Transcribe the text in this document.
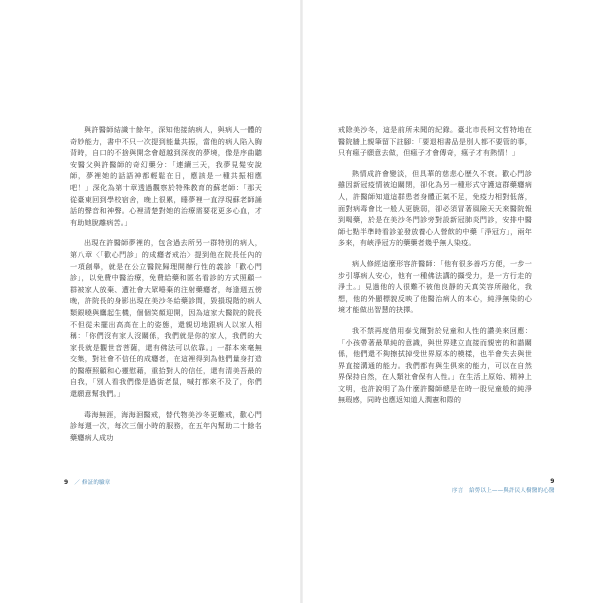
與許醫師結識十餘年，深知他接納病人，與病人一體的奇妙能力，書中不只一次提到能量共振，當他的病人陷入胸背時，自口的不捨與開念會超越到深夜的夢境，像是序曲聽安醫父與許醫師的奇幻藥分：「連續三天，我夢見髮安說師，夢裡她的話語神都輕鬆在日，應該是一種共振相應吧！」深化為第十章透過觀察於特殊教育的蘇老師：「那天從臺東回到學校宿舍，晚上很累，睡夢裡一直浮現蘇老師誦話的聲音和神聲。心裡清楚對她的治療需要花更多心血，才有助她脫離病苦。」

出現在許醫師夢裡的，包含過去所另一群特別的病人，第八章〈「歡心門診」的成癮者戒治〉提到他在院長任內的一項創舉，就是在公立醫院歸理開辦行性的義診「歡心門診」，以免費中醫治療，免費給藥和匿名看診的方式照顧一群被家人放棄、遭社會大眾唾棄的注射藥癮者，每逢週五傍晚，許院長的身影出現在美沙冬給藥診間，毀損現階的病人類銀曉與鷹起生機，個個笑顏迎開，因為這家大醫院的院長不但從未擺出高高在上的姿態，還親切地跟病人以家人相稱：「你們沒有家人沒關係，我們就是你的家人，我們的大家長就是觀世音菩薩，還有佛法可以依靠。」一群本來毫無交集，對社會不信任的成癮者，在這裡得到為他們量身打造的醫療照顧和心靈慰藉，重拾對人的信任，還有清美吾最的自我，「別人看我們像是過街老鼠，喊打都來不及了，你們還願意幫我們。」

毒海無涯，海海洄醫戒，替代物美沙冬更難戒，歡心門診每週一次，每次三個小時的服務，在五年內幫助二十餘名藥癮病人成功

9 ／ 修証的驗章

戒除美沙冬，這是前所未聞的紀錄。臺北市長柯文哲特地在醫院牆上親筆留下註腳：「要退相書品是別人都不要管的事，只有瘋子願意去做，但瘋子才會傳奇，瘋子才有熱情！」

熱情成許會變淡，但具華的慈悲心歷久不衰。歡心門診雖因新冠疫情被迫關閉，卻化為另一種形式守護這群藥癮病人，許醫師知道這群患者身體正氣不足，免疫力相對低落，面對病毒會比一般人更脆弱，卻必須冒著風險天天來醫院報到喝藥，於是在美沙冬門診旁對設新冠肺炎門診，安排中醫師七點半準時看診並發放養心人營飲的中藥「淨冠方」，兩年多來，有峽淨冠方的藥藥者幾乎無人染疫。

病人修經這麼形容許醫師：「他有很多善巧方便，一步一步引導病人安心，他有一種佛法講的攝受力，是一方行走的淨土。」見過他的人很難不被他良靜的天真笑容所融化，我想，他的外顯標貌反映了他醫治病人的本心，純淨無染的心境才能做出智慧的抉擇。

我不禁再度借用泰戈爾對於兒童和人性的讚美來回應：「小孩帶著最單純的意識，與世界建立直接而親密的和諧關係，他們還不夠擦拭掉受世界原本的模樣，也半會失去與世界直接溝通的能力。我們都有與生俱來的能力，可以在自然界保持自然，在人類社會保有人性。」在生活上原始、精神上文明，也許說明了為什麼許醫師總是在時一股兒童般的純淨無瑕感，同時也應返知道人潤憲和際的

9
序言　給勞以上——與許民人樹醫的心醫
